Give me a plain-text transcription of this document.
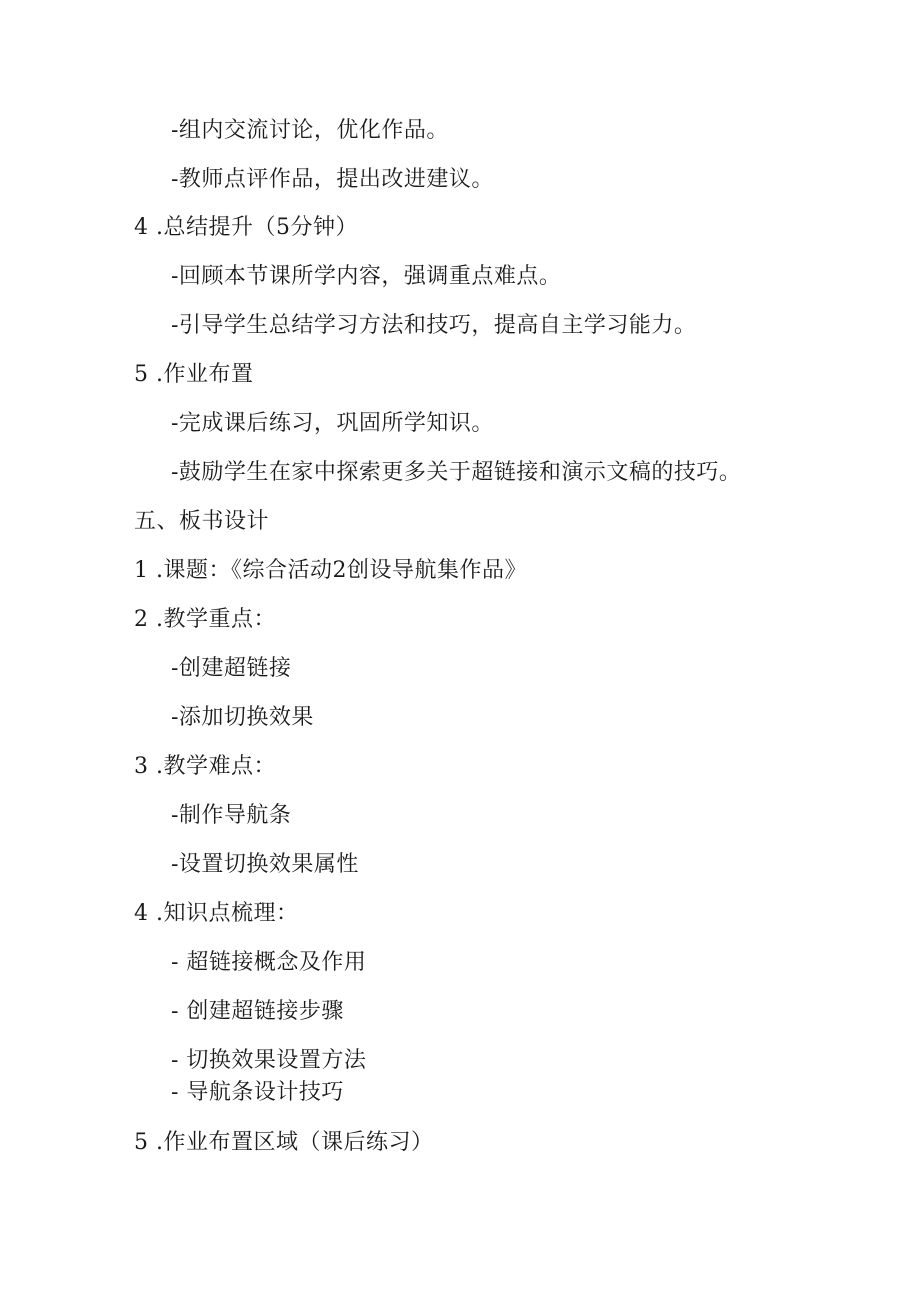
-组内交流讨论，优化作品。
-教师点评作品，提出改进建议。
4 .总结提升（5分钟）
-回顾本节课所学内容，强调重点难点。
-引导学生总结学习方法和技巧，提高自主学习能力。
5 .作业布置
-完成课后练习，巩固所学知识。
-鼓励学生在家中探索更多关于超链接和演示文稿的技巧。
五、板书设计
1 .课题：《综合活动2创设导航集作品》
2 .教学重点：
-创建超链接
-添加切换效果
3 .教学难点：
-制作导航条
-设置切换效果属性
4 .知识点梳理：
- 超链接概念及作用
- 创建超链接步骤
- 切换效果设置方法
- 导航条设计技巧
5 .作业布置区域（课后练习）
